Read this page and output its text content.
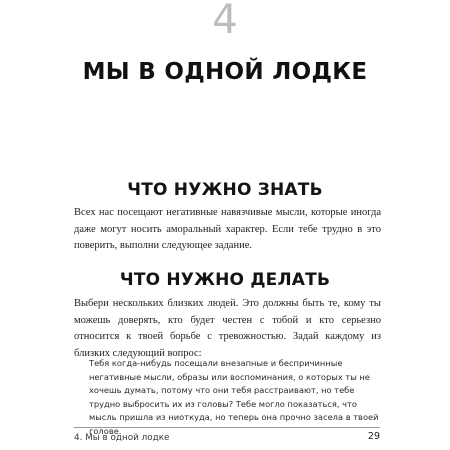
4
МЫ В ОДНОЙ ЛОДКЕ
ЧТО НУЖНО ЗНАТЬ
Всех нас посещают негативные навязчивые мысли, которые иногда даже могут носить аморальный характер. Если тебе трудно в это поверить, выполни следующее задание.
ЧТО НУЖНО ДЕЛАТЬ
Выбери нескольких близких людей. Это должны быть те, кому ты можешь доверять, кто будет честен с тобой и кто серьезно относится к твоей борьбе с тревожностью. Задай каждому из близких следующий вопрос:
Тебя когда-нибудь посещали внезапные и беспричинные негативные мысли, образы или воспоминания, о которых ты не хочешь думать, потому что они тебя расстраивают, но тебе трудно выбросить их из головы? Тебе могло показаться, что мысль пришла из ниоткуда, но теперь она прочно засела в твоей голове.
4. Мы в одной лодке	29
